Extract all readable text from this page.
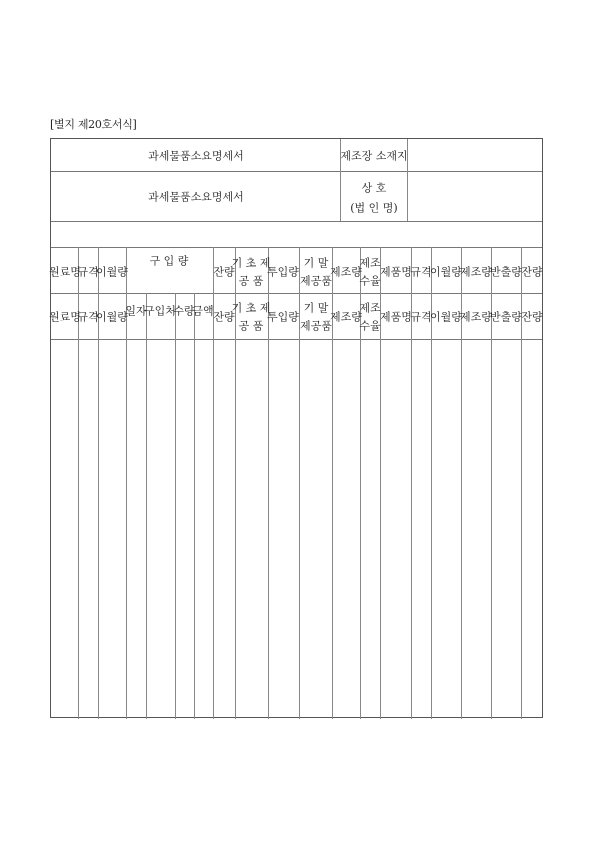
[별지 제20호서식]
과세물품소요명세서
과세물품소요명세서
제조장 소재지
상 호
(법 인 명)
원료명
규격
이월량
구 입 량
잔량
기 초 제
공 품
투입량
기 말
제공품
제조량
제조
수율
제품명
규격
이월량
제조량
반출량 잔량
원료명
규격
이월량
일자
구입처
수량
금액 잔량
기 초 제
공 품
투입량
기 말
제공품
제조량
제조
수율
제품명
규격
이월량
제조량
반출량 잔량
